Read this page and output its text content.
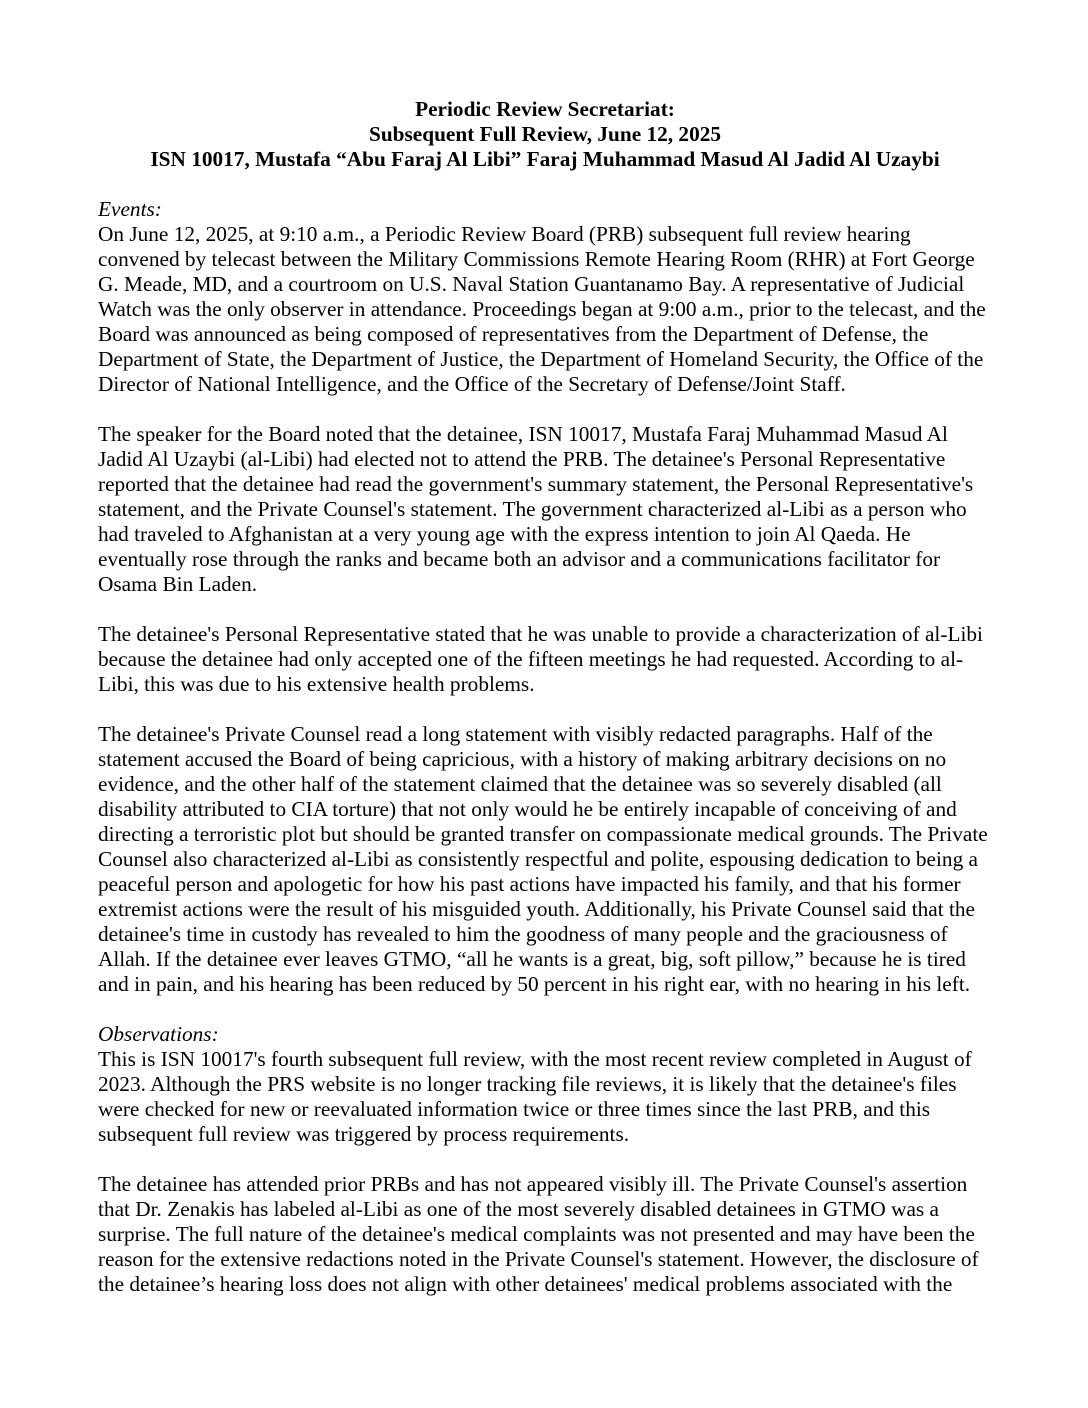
Periodic Review Secretariat:
Subsequent Full Review, June 12, 2025
ISN 10017, Mustafa “Abu Faraj Al Libi” Faraj Muhammad Masud Al Jadid Al Uzaybi
Events:

On June 12, 2025, at 9:10 a.m., a Periodic Review Board (PRB) subsequent full review hearing convened by telecast between the Military Commissions Remote Hearing Room (RHR) at Fort George G. Meade, MD, and a courtroom on U.S. Naval Station Guantanamo Bay. A representative of Judicial Watch was the only observer in attendance. Proceedings began at 9:00 a.m., prior to the telecast, and the Board was announced as being composed of representatives from the Department of Defense, the Department of State, the Department of Justice, the Department of Homeland Security, the Office of the Director of National Intelligence, and the Office of the Secretary of Defense/Joint Staff.

The speaker for the Board noted that the detainee, ISN 10017, Mustafa Faraj Muhammad Masud Al Jadid Al Uzaybi (al-Libi) had elected not to attend the PRB. The detainee's Personal Representative reported that the detainee had read the government's summary statement, the Personal Representative's statement, and the Private Counsel's statement. The government characterized al-Libi as a person who had traveled to Afghanistan at a very young age with the express intention to join Al Qaeda. He eventually rose through the ranks and became both an advisor and a communications facilitator for Osama Bin Laden.

The detainee's Personal Representative stated that he was unable to provide a characterization of al-Libi because the detainee had only accepted one of the fifteen meetings he had requested. According to al-Libi, this was due to his extensive health problems.

The detainee's Private Counsel read a long statement with visibly redacted paragraphs. Half of the statement accused the Board of being capricious, with a history of making arbitrary decisions on no evidence, and the other half of the statement claimed that the detainee was so severely disabled (all disability attributed to CIA torture) that not only would he be entirely incapable of conceiving of and directing a terroristic plot but should be granted transfer on compassionate medical grounds. The Private Counsel also characterized al-Libi as consistently respectful and polite, espousing dedication to being a peaceful person and apologetic for how his past actions have impacted his family, and that his former extremist actions were the result of his misguided youth. Additionally, his Private Counsel said that the detainee's time in custody has revealed to him the goodness of many people and the graciousness of Allah. If the detainee ever leaves GTMO, “all he wants is a great, big, soft pillow,” because he is tired and in pain, and his hearing has been reduced by 50 percent in his right ear, with no hearing in his left.

Observations:

This is ISN 10017's fourth subsequent full review, with the most recent review completed in August of 2023. Although the PRS website is no longer tracking file reviews, it is likely that the detainee's files were checked for new or reevaluated information twice or three times since the last PRB, and this subsequent full review was triggered by process requirements.

The detainee has attended prior PRBs and has not appeared visibly ill. The Private Counsel's assertion that Dr. Zenakis has labeled al-Libi as one of the most severely disabled detainees in GTMO was a surprise. The full nature of the detainee's medical complaints was not presented and may have been the reason for the extensive redactions noted in the Private Counsel's statement. However, the disclosure of the detainee’s hearing loss does not align with other detainees' medical problems associated with the
